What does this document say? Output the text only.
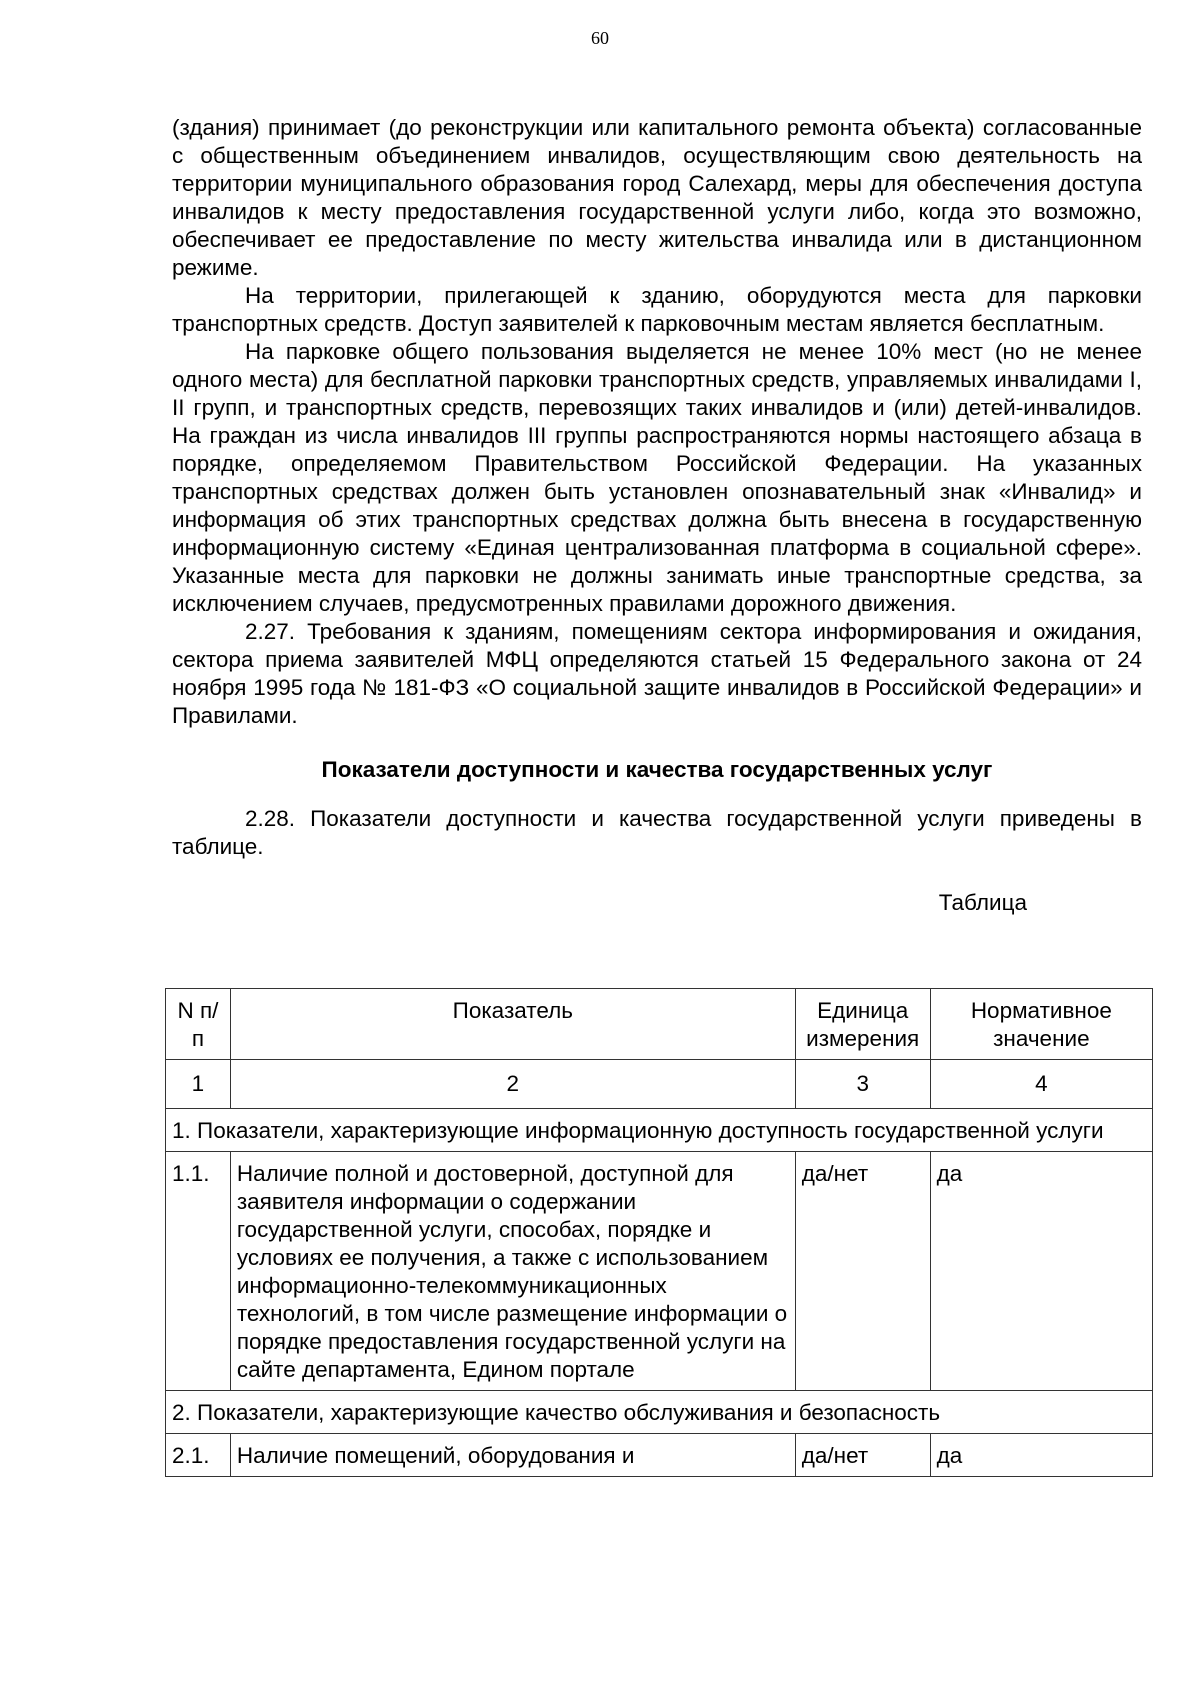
60

(здания) принимает (до реконструкции или капитального ремонта объекта) согласованные с общественным объединением инвалидов, осуществляющим свою деятельность на территории муниципального образования город Салехард, меры для обеспечения доступа инвалидов к месту предоставления государственной услуги либо, когда это возможно, обеспечивает ее предоставление по месту жительства инвалида или в дистанционном режиме.

На территории, прилегающей к зданию, оборудуются места для парковки транспортных средств. Доступ заявителей к парковочным местам является бесплатным.

На парковке общего пользования выделяется не менее 10% мест (но не менее одного места) для бесплатной парковки транспортных средств, управляемых инвалидами I, II групп, и транспортных средств, перевозящих таких инвалидов и (или) детей-инвалидов. На граждан из числа инвалидов III группы распространяются нормы настоящего абзаца в порядке, определяемом Правительством Российской Федерации. На указанных транспортных средствах должен быть установлен опознавательный знак «Инвалид» и информация об этих транспортных средствах должна быть внесена в государственную информационную систему «Единая централизованная платформа в социальной сфере». Указанные места для парковки не должны занимать иные транспортные средства, за исключением случаев, предусмотренных правилами дорожного движения.

2.27. Требования к зданиям, помещениям сектора информирования и ожидания, сектора приема заявителей МФЦ определяются статьей 15 Федерального закона от 24 ноября 1995 года № 181-ФЗ «О социальной защите инвалидов в Российской Федерации» и Правилами.

Показатели доступности и качества государственных услуг

2.28. Показатели доступности и качества государственной услуги приведены в таблице.

Таблица
N п/п	Показатель	Единица измерения	Нормативное значение
1	2	3	4
1. Показатели, характеризующие информационную доступность государственной услуги			
1.1.	Наличие полной и достоверной, доступной для заявителя информации о содержании государственной услуги, способах, порядке и условиях ее получения, а также с использованием информационно-телекоммуникационных технологий, в том числе размещение информации о порядке предоставления государственной услуги на сайте департамента, Едином портале	да/нет	да
2. Показатели, характеризующие качество обслуживания и безопасность			
2.1.	Наличие помещений, оборудования и	да/нет	да
